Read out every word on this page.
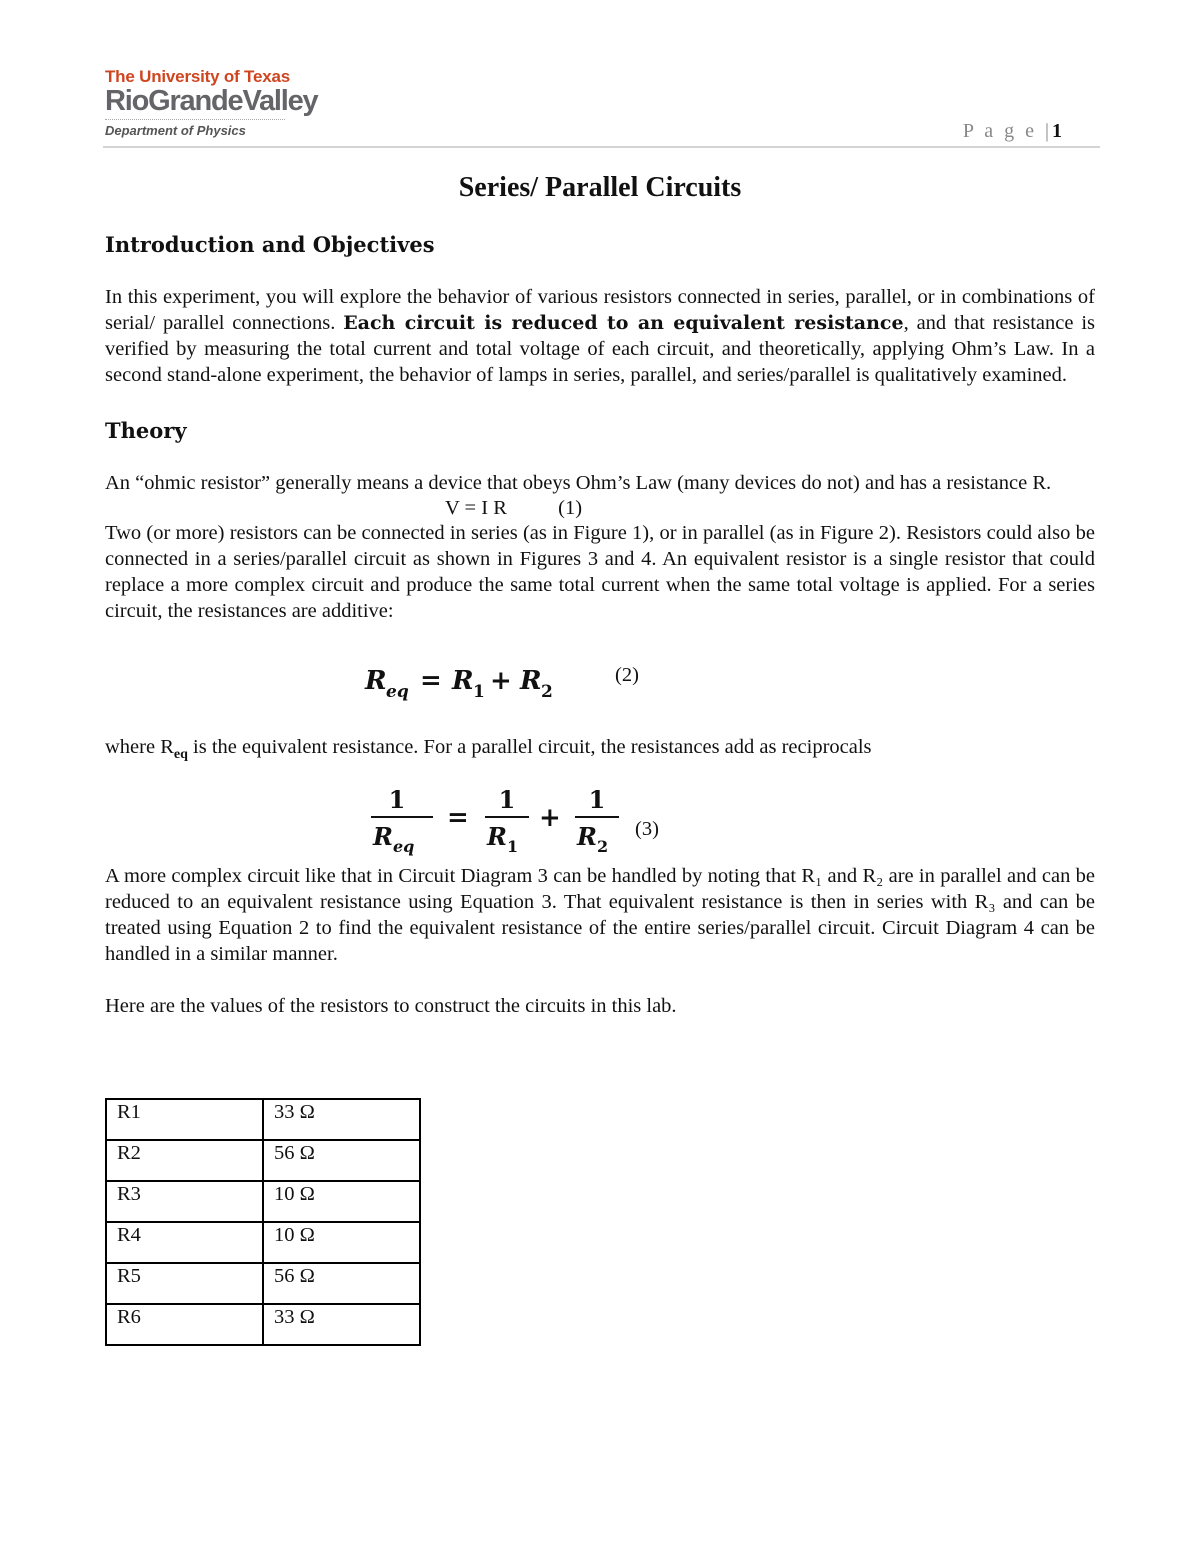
The University of Texas
RioGrandeValley
Department of Physics	P a g e |1
Series/ Parallel Circuits
Introduction and Objectives

In this experiment, you will explore the behavior of various resistors connected in series, parallel, or in combinations of serial/ parallel connections. Each circuit is reduced to an equivalent resistance, and that resistance is verified by measuring the total current and total voltage of each circuit, and theoretically, applying Ohm’s Law. In a second stand-alone experiment, the behavior of lamps in series, parallel, and series/parallel is qualitatively examined.

Theory

An “ohmic resistor” generally means a device that obeys Ohm’s Law (many devices do not) and has a resistance R.

V = I R	(1)

Two (or more) resistors can be connected in series (as in Figure 1), or in parallel (as in Figure 2). Resistors could also be connected in a series/parallel circuit as shown in Figures 3 and 4. An equivalent resistor is a single resistor that could replace a more complex circuit and produce the same total current when the same total voltage is applied. For a series circuit, the resistances are additive:

R eq = R 1 + R 2
(2)

where $R_{eq}$ is the equivalent resistance. For a parallel circuit, the resistances add as reciprocals

1
R eq
=
1
R 1
+
1
R 2
(3)

A more complex circuit like that in Circuit Diagram 3 can be handled by noting that R₁ and R₂ are in parallel and can be reduced to an equivalent resistance using Equation 3. That equivalent resistance is then in series with R₃ and can be treated using Equation 2 to find the equivalent resistance of the entire series/parallel circuit. Circuit Diagram 4 can be handled in a similar manner.

Here are the values of the resistors to construct the circuits in this lab.

R1	33 Ω
R2	56 Ω
R3	10 Ω
R4	10 Ω
R5	56 Ω
R6	33 Ω
